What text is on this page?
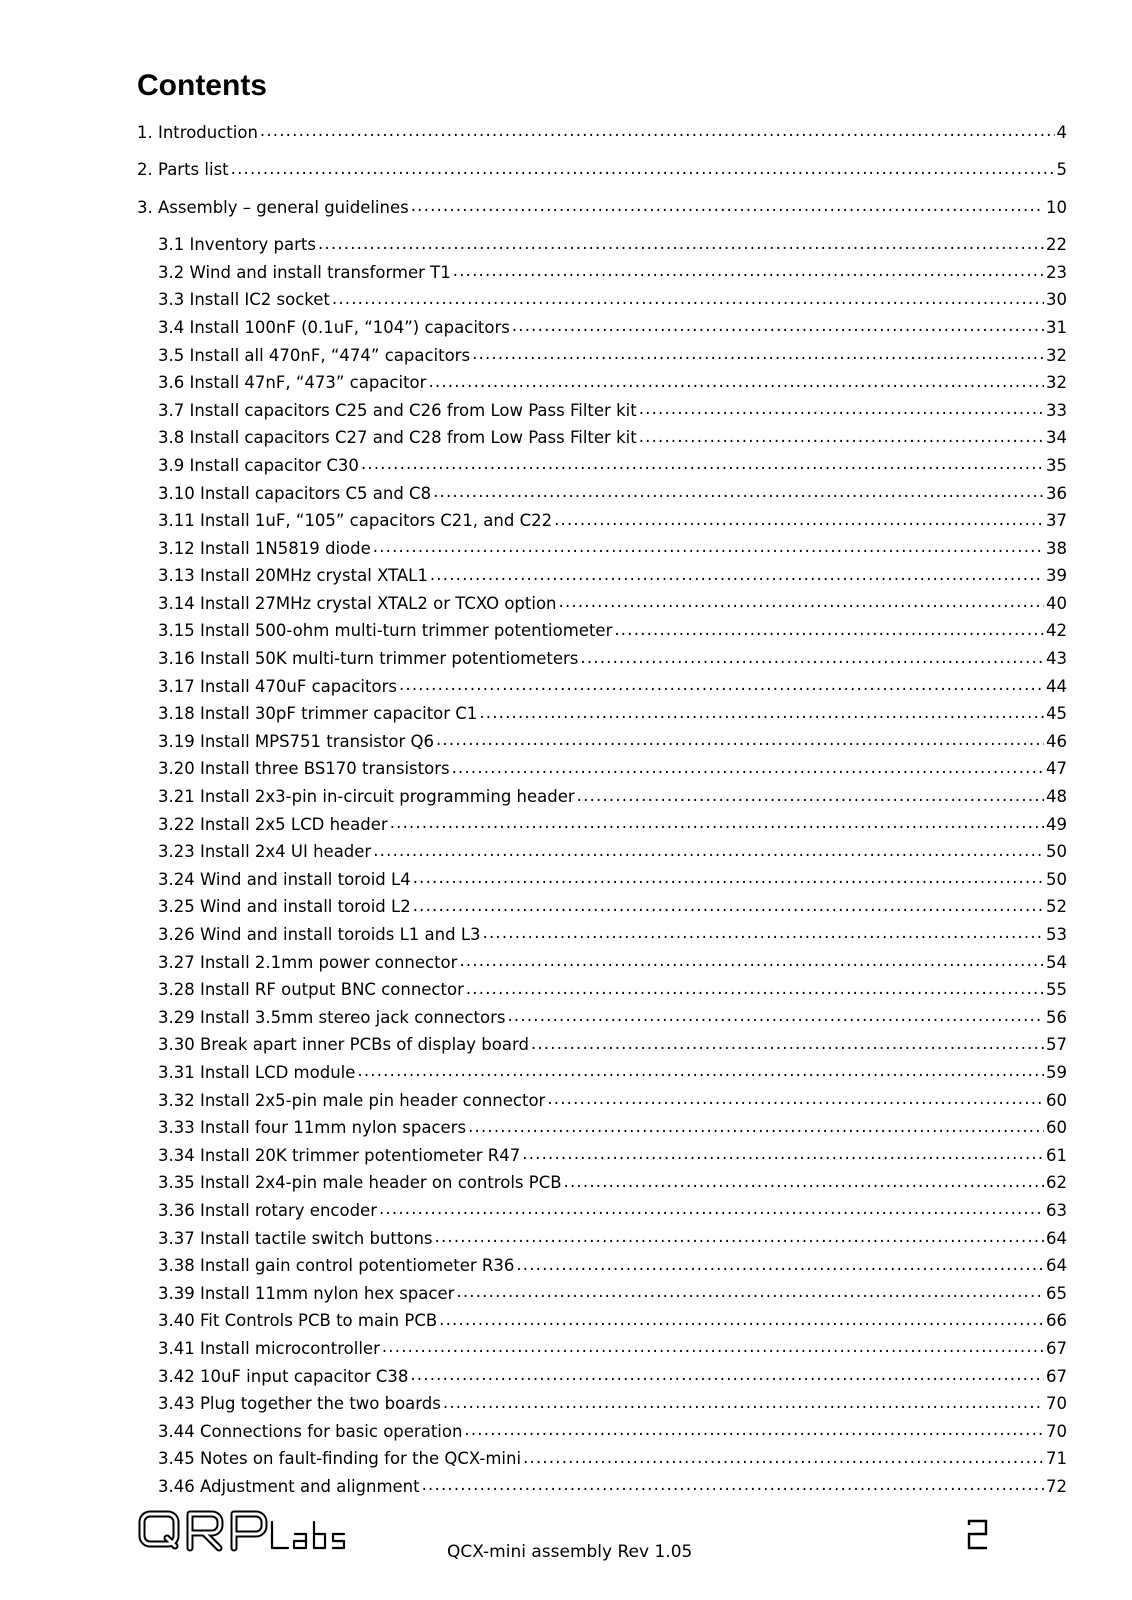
Contents
1. Introduction .....	4
2. Parts list .....	5
3. Assembly – general guidelines .....	10
3.1 Inventory parts .....	22
3.2 Wind and install transformer T1 .....	23
3.3 Install IC2 socket .....	30
3.4 Install 100nF (0.1uF, “104”) capacitors .....	31
3.5 Install all 470nF, “474” capacitors .....	32
3.6 Install 47nF, “473” capacitor .....	32
3.7 Install capacitors C25 and C26 from Low Pass Filter kit .....	33
3.8 Install capacitors C27 and C28 from Low Pass Filter kit .....	34
3.9 Install capacitor C30 .....	35
3.10 Install capacitors C5 and C8 .....	36
3.11 Install 1uF, “105” capacitors C21, and C22 .....	37
3.12 Install 1N5819 diode .....	38
3.13 Install 20MHz crystal XTAL1 .....	39
3.14 Install 27MHz crystal XTAL2 or TCXO option .....	40
3.15 Install 500-ohm multi-turn trimmer potentiometer .....	42
3.16 Install 50K multi-turn trimmer potentiometers .....	43
3.17 Install 470uF capacitors .....	44
3.18 Install 30pF trimmer capacitor C1 .....	45
3.19 Install MPS751 transistor Q6 .....	46
3.20 Install three BS170 transistors .....	47
3.21 Install 2x3-pin in-circuit programming header .....	48
3.22 Install 2x5 LCD header .....	49
3.23 Install 2x4 UI header .....	50
3.24 Wind and install toroid L4 .....	50
3.25 Wind and install toroid L2 .....	52
3.26 Wind and install toroids L1 and L3 .....	53
3.27 Install 2.1mm power connector .....	54
3.28 Install RF output BNC connector .....	55
3.29 Install 3.5mm stereo jack connectors .....	56
3.30 Break apart inner PCBs of display board .....	57
3.31 Install LCD module .....	59
3.32 Install 2x5-pin male pin header connector .....	60
3.33 Install four 11mm nylon spacers .....	60
3.34 Install 20K trimmer potentiometer R47 .....	61
3.35 Install 2x4-pin male header on controls PCB .....	62
3.36 Install rotary encoder .....	63
3.37 Install tactile switch buttons .....	64
3.38 Install gain control potentiometer R36 .....	64
3.39 Install 11mm nylon hex spacer .....	65
3.40 Fit Controls PCB to main PCB .....	66
3.41 Install microcontroller .....	67
3.42 10uF input capacitor C38 .....	67
3.43 Plug together the two boards .....	70
3.44 Connections for basic operation .....	70
3.45 Notes on fault-finding for the QCX-mini .....	71
3.46 Adjustment and alignment .....	72
QCX-mini assembly Rev 1.05
